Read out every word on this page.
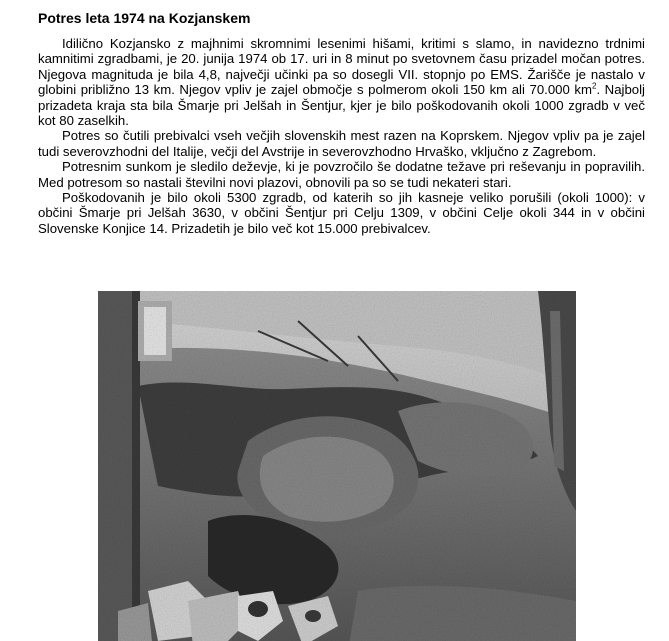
Potres leta 1974 na Kozjanskem

Idilično Kozjansko z majhnimi skromnimi lesenimi hišami, kritimi s slamo, in navidezno trdnimi kamnitimi zgradbami, je 20. junija 1974 ob 17. uri in 8 minut po svetovnem času prizadel močan potres. Njegova magnituda je bila 4,8, največji učinki pa so dosegli VII. stopnjo po EMS. Žarišče je nastalo v globini približno 13 km. Njegov vpliv je zajel območje s polmerom okoli 150 km ali 70.000 $km^2$. Najbolj prizadeta kraja sta bila Šmarje pri Jelšah in Šentjur, kjer je bilo poškodovanih okoli 1000 zgradb v več kot 80 zaselkih.

Potres so čutili prebivalci vseh večjih slovenskih mest razen na Koprskem. Njegov vpliv pa je zajel tudi severovzhodni del Italije, večji del Avstrije in severovzhodno Hrvaško, vključno z Zagrebom.

Potresnim sunkom je sledilo deževje, ki je povzročilo še dodatne težave pri reševanju in popravilih. Med potresom so nastali številni novi plazovi, obnovili pa so se tudi nekateri stari.

Poškodovanih je bilo okoli 5300 zgradb, od katerih so jih kasneje veliko porušili (okoli 1000): v občini Šmarje pri Jelšah 3630, v občini Šentjur pri Celju 1309, v občini Celje okoli 344 in v občini Slovenske Konjice 14. Prizadetih je bilo več kot 15.000 prebivalcev.
